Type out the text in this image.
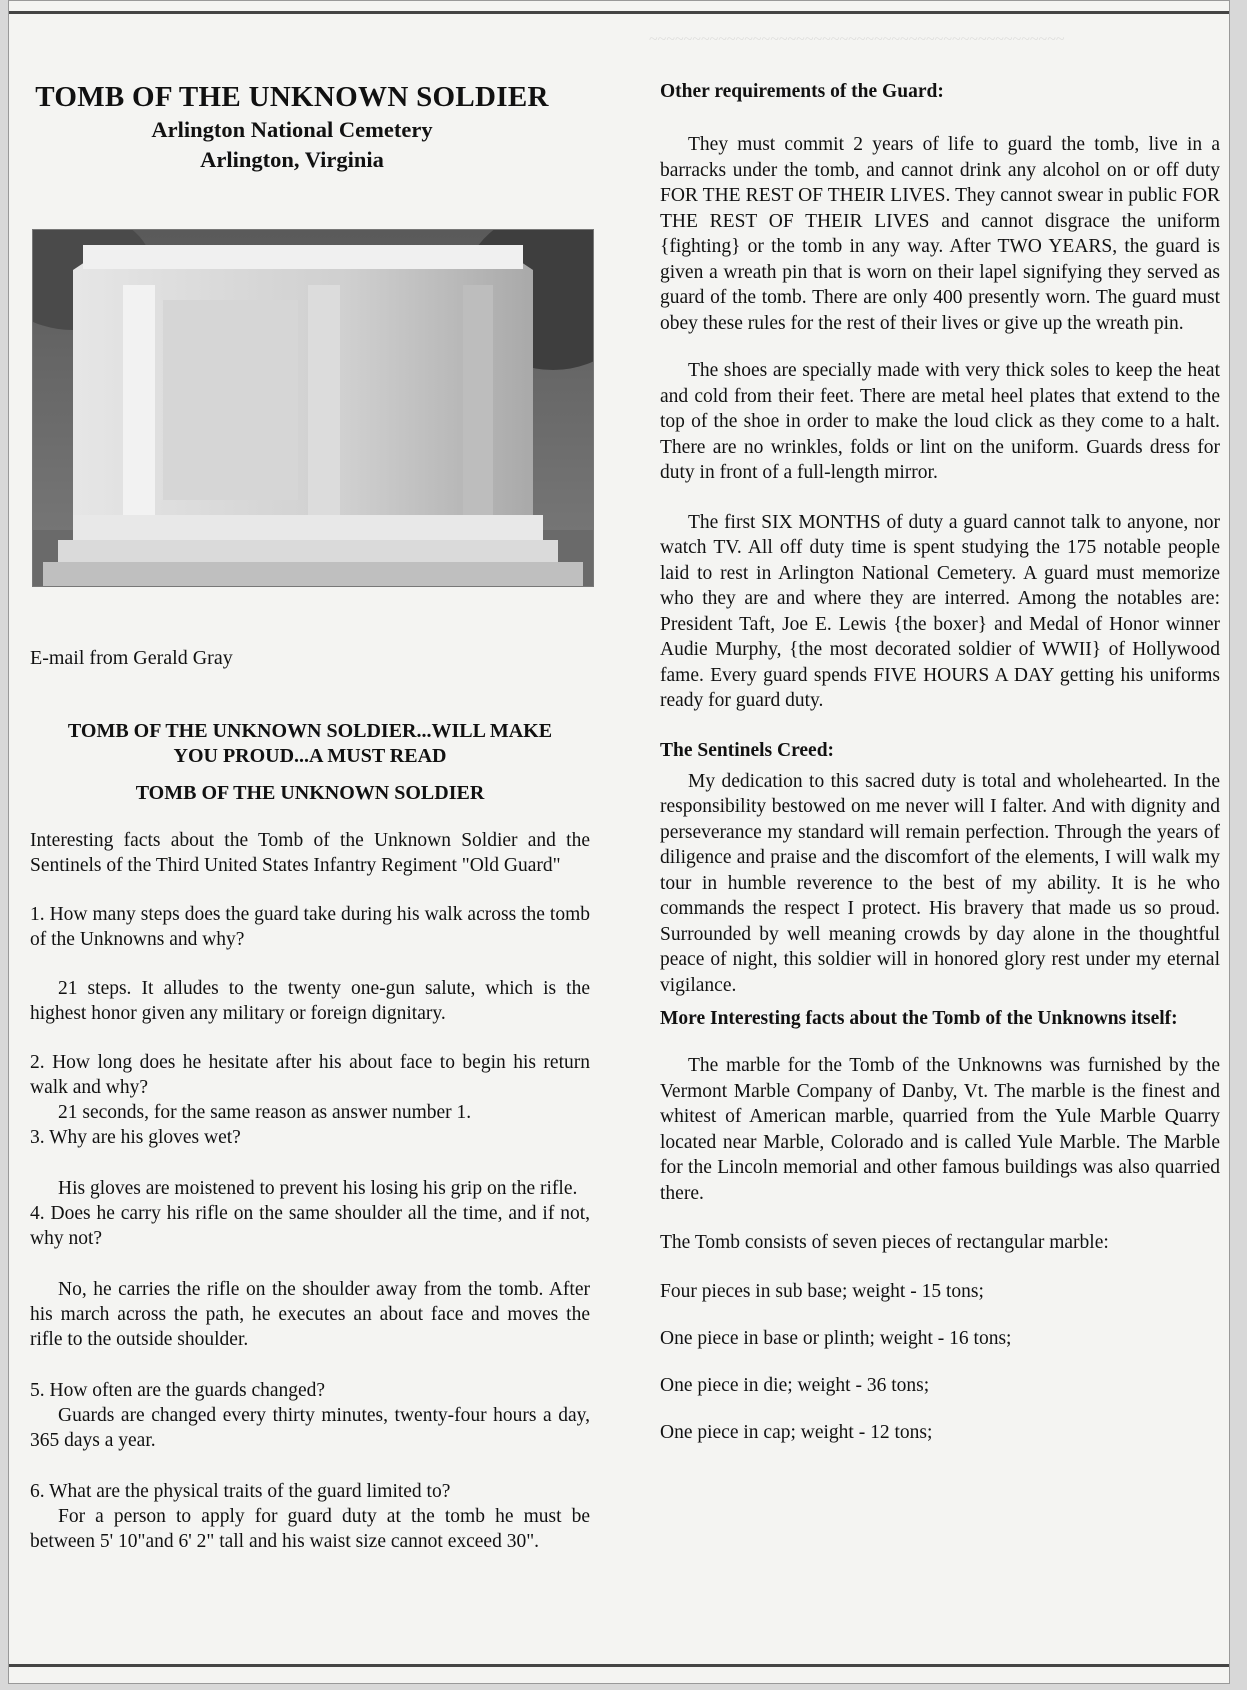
~~~~~~~~~~~~~~~~~~~~~~~~~~~~~~~~~~~~~~~~~~~~~~~~
TOMB OF THE UNKNOWN SOLDIER
Arlington National Cemetery
Arlington, Virginia
E-mail from Gerald Gray
TOMB OF THE UNKNOWN SOLDIER...WILL MAKE
YOU PROUD...A MUST READ
TOMB OF THE UNKNOWN SOLDIER

Interesting facts about the Tomb of the Unknown Soldier and the Sentinels of the Third United States Infantry Regiment "Old Guard"

1. How many steps does the guard take during his walk across the tomb of the Unknowns and why?

21 steps. It alludes to the twenty one-gun salute, which is the highest honor given any military or foreign dignitary.

2. How long does he hesitate after his about face to begin his return walk and why?

21 seconds, for the same reason as answer number 1.

3. Why are his gloves wet?

His gloves are moistened to prevent his losing his grip on the rifle.

4. Does he carry his rifle on the same shoulder all the time, and if not, why not?

No, he carries the rifle on the shoulder away from the tomb. After his march across the path, he executes an about face and moves the rifle to the outside shoulder.

5. How often are the guards changed?

Guards are changed every thirty minutes, twenty-four hours a day, 365 days a year.

6. What are the physical traits of the guard limited to?

For a person to apply for guard duty at the tomb he must be between 5' 10"and 6' 2" tall and his waist size cannot exceed 30".

Other requirements of the Guard:

They must commit 2 years of life to guard the tomb, live in a barracks under the tomb, and cannot drink any alcohol on or off duty FOR THE REST OF THEIR LIVES. They cannot swear in public FOR THE REST OF THEIR LIVES and cannot disgrace the uniform {fighting} or the tomb in any way. After TWO YEARS, the guard is given a wreath pin that is worn on their lapel signifying they served as guard of the tomb. There are only 400 presently worn. The guard must obey these rules for the rest of their lives or give up the wreath pin.

The shoes are specially made with very thick soles to keep the heat and cold from their feet. There are metal heel plates that extend to the top of the shoe in order to make the loud click as they come to a halt. There are no wrinkles, folds or lint on the uniform. Guards dress for duty in front of a full-length mirror.

The first SIX MONTHS of duty a guard cannot talk to anyone, nor watch TV. All off duty time is spent studying the 175 notable people laid to rest in Arlington National Cemetery. A guard must memorize who they are and where they are interred. Among the notables are: President Taft, Joe E. Lewis {the boxer} and Medal of Honor winner Audie Murphy, {the most decorated soldier of WWII} of Hollywood fame. Every guard spends FIVE HOURS A DAY getting his uniforms ready for guard duty.

The Sentinels Creed:

My dedication to this sacred duty is total and wholehearted. In the responsibility bestowed on me never will I falter. And with dignity and perseverance my standard will remain perfection. Through the years of diligence and praise and the discomfort of the elements, I will walk my tour in humble reverence to the best of my ability. It is he who commands the respect I protect. His bravery that made us so proud. Surrounded by well meaning crowds by day alone in the thoughtful peace of night, this soldier will in honored glory rest under my eternal vigilance.

More Interesting facts about the Tomb of the Unknowns itself:

The marble for the Tomb of the Unknowns was furnished by the Vermont Marble Company of Danby, Vt. The marble is the finest and whitest of American marble, quarried from the Yule Marble Quarry located near Marble, Colorado and is called Yule Marble. The Marble for the Lincoln memorial and other famous buildings was also quarried there.

The Tomb consists of seven pieces of rectangular marble:

Four pieces in sub base; weight - 15 tons;

One piece in base or plinth; weight - 16 tons;

One piece in die; weight - 36 tons;

One piece in cap; weight - 12 tons;
